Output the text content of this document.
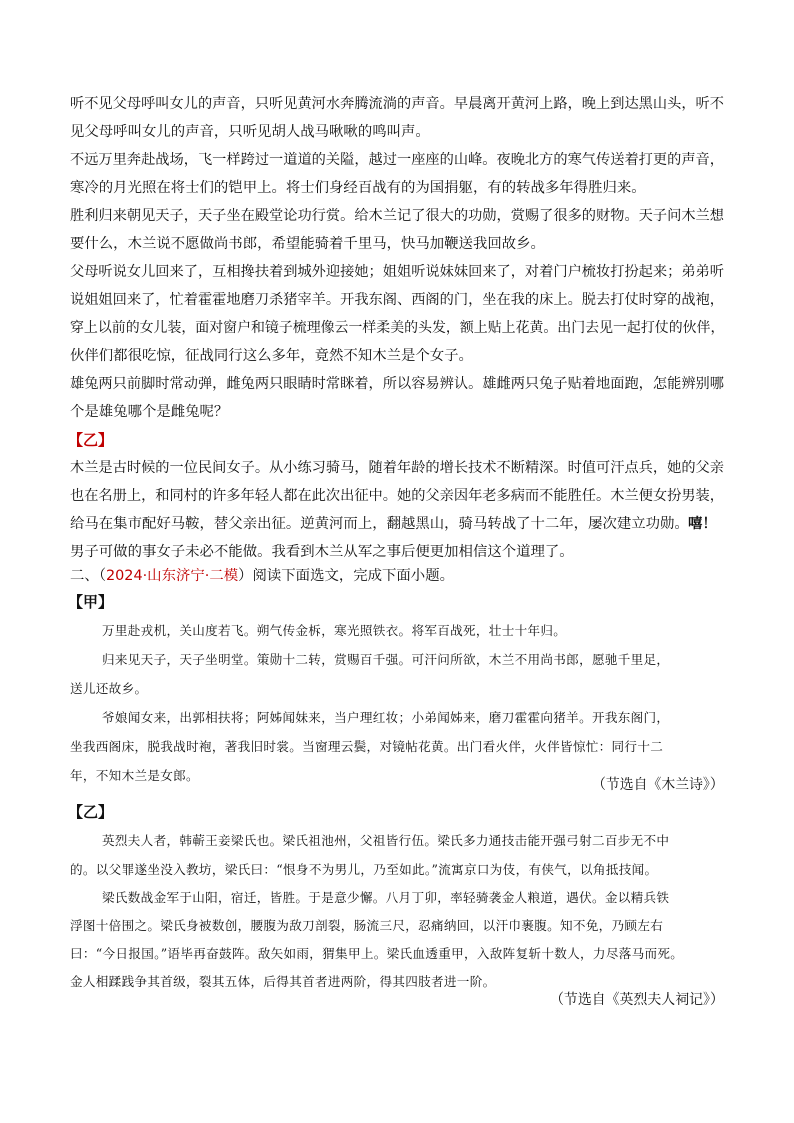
听不见父母呼叫女儿的声音，只听见黄河水奔腾流淌的声音。早晨离开黄河上路，晚上到达黑山头，听不
见父母呼叫女儿的声音，只听见胡人战马啾啾的鸣叫声。
不远万里奔赴战场，飞一样跨过一道道的关隘，越过一座座的山峰。夜晚北方的寒气传送着打更的声音，
寒冷的月光照在将士们的铠甲上。将士们身经百战有的为国捐躯，有的转战多年得胜归来。
胜利归来朝见天子，天子坐在殿堂论功行赏。给木兰记了很大的功勋，赏赐了很多的财物。天子问木兰想
要什么，木兰说不愿做尚书郎，希望能骑着千里马，快马加鞭送我回故乡。
父母听说女儿回来了，互相搀扶着到城外迎接她；姐姐听说妹妹回来了，对着门户梳妆打扮起来；弟弟听
说姐姐回来了，忙着霍霍地磨刀杀猪宰羊。开我东阁、西阁的门，坐在我的床上。脱去打仗时穿的战袍，
穿上以前的女儿装，面对窗户和镜子梳理像云一样柔美的头发，额上贴上花黄。出门去见一起打仗的伙伴，
伙伴们都很吃惊，征战同行这么多年，竟然不知木兰是个女子。
雄兔两只前脚时常动弹，雌兔两只眼睛时常眯着，所以容易辨认。雄雌两只兔子贴着地面跑，怎能辨别哪
个是雄兔哪个是雌兔呢？
【乙】
木兰是古时候的一位民间女子。从小练习骑马，随着年龄的增长技术不断精深。时值可汗点兵，她的父亲
也在名册上，和同村的许多年轻人都在此次出征中。她的父亲因年老多病而不能胜任。木兰便女扮男装，
给马在集市配好马鞍，替父亲出征。逆黄河而上，翻越黑山，骑马转战了十二年，屡次建立功勋。 嘻！
男子可做的事女子未必不能做。我看到木兰从军之事后便更加相信这个道理了。
二、（2024·山东济宁·二模）阅读下面选文，完成下面小题。
【甲】
万里赴戎机，关山度若飞。朔气传金柝，寒光照铁衣。将军百战死，壮士十年归。
归来见天子，天子坐明堂。策勋十二转，赏赐百千强。可汗问所欲，木兰不用尚书郎，愿驰千里足，
送儿还故乡。
爷娘闻女来，出郭相扶将；阿姊闻妹来，当户理红妆；小弟闻姊来，磨刀霍霍向猪羊。开我东阁门，
坐我西阁床，脱我战时袍，著我旧时裳。当窗理云鬓，对镜帖花黄。出门看火伴，火伴皆惊忙：同行十二
年，不知木兰是女郎。
（节选自《木兰诗》）
【乙】
英烈夫人者，韩蕲王妾梁氏也。梁氏祖池州，父祖皆行伍。梁氏多力通技击能开强弓射二百步无不中
的。以父罪遂坐没入教坊，梁氏曰：“恨身不为男儿，乃至如此。”流寓京口为伎，有侠气，以角抵技闻。
梁氏数战金军于山阳，宿迁，皆胜。于是意少懈。八月丁卯，率轻骑袭金人粮道，遇伏。金以精兵铁
浮图十倍围之。梁氏身被数创，腰腹为敌刀剖裂，肠流三尺，忍痛纳回，以汗巾裹腹。知不免，乃顾左右
曰：“今日报国。”语毕再奋鼓阵。敌矢如雨，猬集甲上。梁氏血透重甲，入敌阵复斩十数人，力尽落马而死。
金人相蹂践争其首级，裂其五体，后得其首者进两阶，得其四肢者进一阶。
（节选自《英烈夫人祠记》）
